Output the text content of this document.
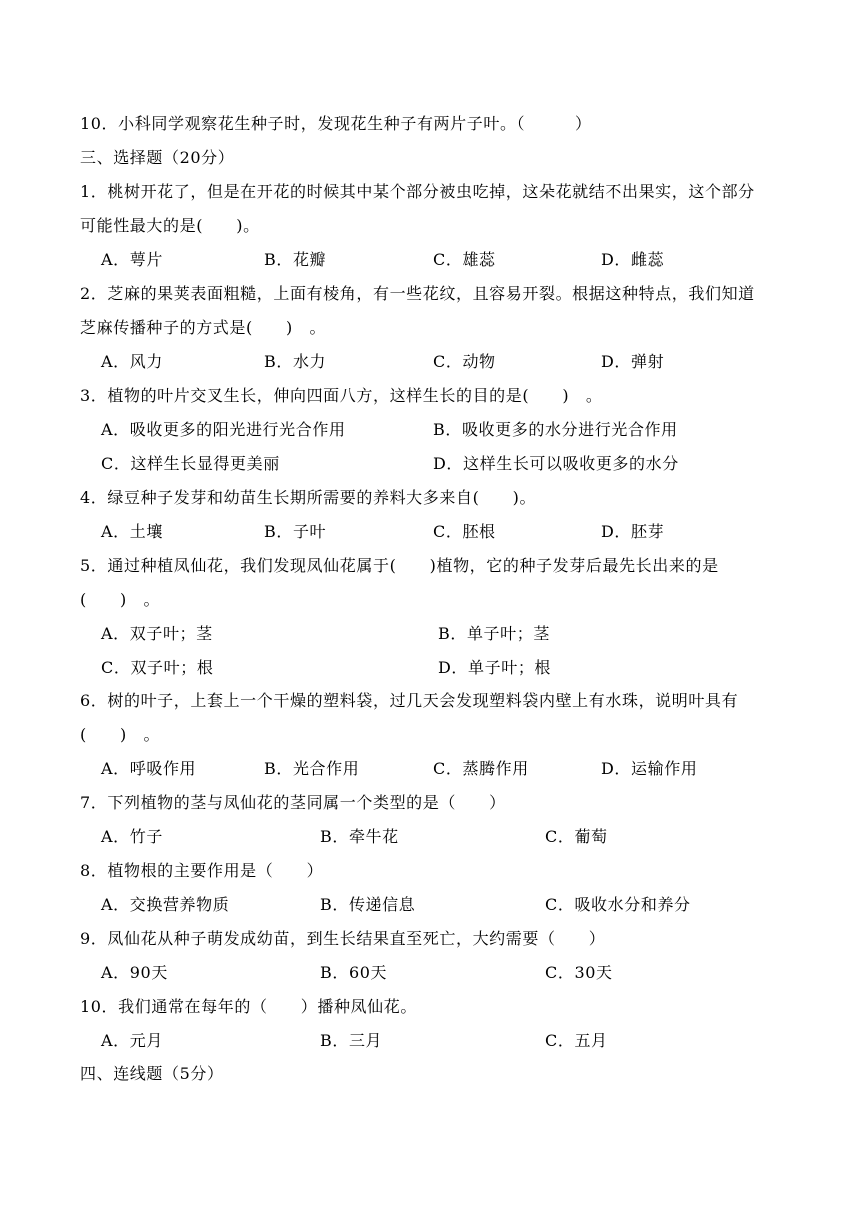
10．小科同学观察花生种子时，发现花生种子有两片子叶。（　　　）
三、选择题（20分）
1．桃树开花了，但是在开花的时候其中某个部分被虫吃掉，这朵花就结不出果实，这个部分
可能性最大的是(　　)。
A．萼片	B．花瓣	C．雄蕊	D．雌蕊
2．芝麻的果荚表面粗糙，上面有棱角，有一些花纹，且容易开裂。根据这种特点，我们知道
芝麻传播种子的方式是(　　)　。
A．风力	B．水力	C．动物	D．弹射
3．植物的叶片交叉生长，伸向四面八方，这样生长的目的是(　　)　。
A．吸收更多的阳光进行光合作用	B．吸收更多的水分进行光合作用
C．这样生长显得更美丽	D．这样生长可以吸收更多的水分
4．绿豆种子发芽和幼苗生长期所需要的养料大多来自(　　)。
A．土壤	B．子叶	C．胚根	D．胚芽
5．通过种植凤仙花，我们发现凤仙花属于(　　)植物，它的种子发芽后最先长出来的是
(　　)　。
A．双子叶；茎	B．单子叶；茎
C．双子叶；根	D．单子叶；根
6．树的叶子，上套上一个干燥的塑料袋，过几天会发现塑料袋内壁上有水珠，说明叶具有
(　　)　。
A．呼吸作用	B．光合作用	C．蒸腾作用	D．运输作用
7．下列植物的茎与凤仙花的茎同属一个类型的是（　　）
A．竹子	B．牵牛花	C．葡萄
8．植物根的主要作用是（　　）
A．交换营养物质	B．传递信息	C．吸收水分和养分
9．凤仙花从种子萌发成幼苗，到生长结果直至死亡，大约需要（　　）
A．90天	B．60天	C．30天
10．我们通常在每年的（　　）播种凤仙花。
A．元月	B．三月	C．五月
四、连线题（5分）
